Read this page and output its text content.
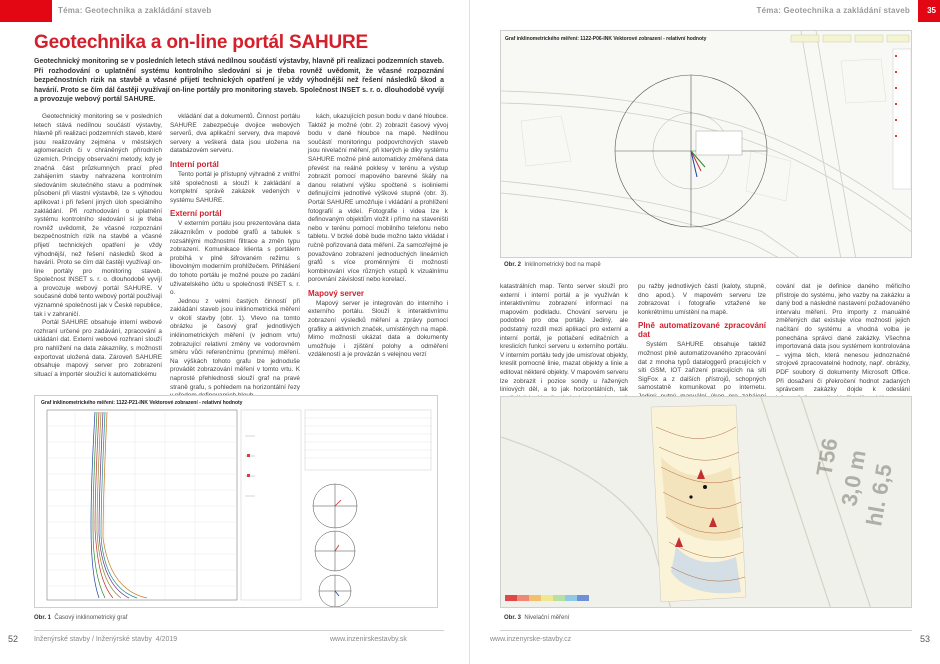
Téma: Geotechnika a zakládání staveb
Geotechnika a on-line portál SAHURE
Geotechnický monitoring se v posledních letech stává nedílnou součástí výstavby, hlavně při realizaci podzemních staveb. Při rozhodování o uplatnění systému kontrolního sledování si je třeba rovněž uvědomit, že včasné rozpoznání bezpečnostních rizik na stavbě a včasné přijetí technických opatření je vždy výhodnější než řešení následků škod a havárií. Proto se čím dál častěji využívají on-line portály pro monitoring staveb. Společnost INSET s. r. o. dlouhodobě vyvíjí a provozuje webový portál SAHURE.

Geotechnický monitoring se v posledních letech stává nedílnou součástí výstavby, hlavně při realizaci podzemních staveb, které jsou realizovány zejména v městských aglomeracích či v chráněných přírodních územích. Principy observační metody, kdy je značná část průzkumných prací před zahájením stavby nahrazena kontrolním sledováním skutečného stavu a podmínek působení při vlastní výstavbě, lze s výhodou aplikovat i při řešení jiných úloh speciálního zakládání. Při rozhodování o uplatnění systému kontrolního sledování si je třeba rovněž uvědomit, že včasné rozpoznání bezpečnostních rizik na stavbě a včasné přijetí technických opatření je vždy výhodnější, než řešení následků škod a havárií. Proto se čím dál častěji využívají on-line portály pro monitoring staveb. Společnost INSET s. r. o. dlouhodobě vyvíjí a provozuje webový portál SAHURE. V současné době tento webový portál používají významné společnosti jak v České republice, tak i v zahraničí.

Portál SAHURE obsahuje interní webové rozhraní určené pro zadávání, zpracování a ukládání dat. Externí webové rozhraní slouží pro nahlížení na data zákazníky, s možností exportovat uložená data. Zároveň SAHURE obsahuje mapový server pro zobrazení situací a importér sloužící k automatickému

vkládání dat a dokumentů. Činnost portálu SAHURE zabezpečuje dvojice webových serverů, dva aplikační servery, dva mapové servery a veškerá data jsou uložena na databázovém serveru.

Interní portál

Tento portál je přístupný výhradně z vnitřní sítě společnosti a slouží k zakládání a kompletní správě zakázek vedených v systému SAHURE.

Externí portál

V externím portálu jsou prezentována data zákazníkům v podobě grafů a tabulek s rozsáhlými možnostmi filtrace a změn typu zobrazení. Komunikace klienta s portálem probíhá v plně šifrovaném režimu s libovolným moderním prohlížečem. Přihlášení do tohoto portálu je možné pouze po zadání uživatelského účtu u společnosti INSET s. r. o.

Jednou z velmi častých činností při zakládání staveb jsou inklinometrická měření v okolí stavby (obr. 1). Vlevo na tomto obrázku je časový graf jednotlivých inklinometrických měření (v jednom vrtu) zobrazující relativní změny ve vodorovném směru vůči referenčnímu (prvnímu) měření. Na výškách tohoto grafu lze jednoduše provádět zobrazování měření v tomto vrtu. K naprosté přehlednosti slouží graf na pravé straně grafu, s pohledem na horizontální řezy

kách, ukazujících posun bodu v dané hloubce. Taktéž je možné (obr. 2) zobrazit časový vývoj bodu v dané hloubce na mapě. Nedílnou součástí monitoringu podpovrchových staveb jsou nivelační měření, při kterých je díky systému SAHURE možné plně automaticky změřená data převést na reálné poklesy v terénu a výstup zobrazit pomocí mapového barevné škály na danou relativní výšku spočtené s isoliniemi definujícími jednotlivé výškové stupně (obr. 3). Portál SAHURE umožňuje i vkládání a prohlížení fotografií a videí. Fotografie i videa lze k definovaným objektům vložit i přímo na staveništi nebo v terénu pomocí mobilního telefonu nebo tabletu. V brzké době bude možno takto vkládat i ručně pořizovaná data měření. Za samozřejmé je považováno zobrazení jednoduchých lineárních grafů s více proměnnými či možností kombinování více různých vstupů k vizuálnímu porovnání závislostí nebo korelací.

Mapový server

Mapový server je integrován do interního i externího portálu. Slouží k interaktivnímu zobrazení výsledků měření a zprávy pomocí grafiky a aktivních značek, umístěných na mapě. Mimo možnosti ukázat data a dokumenty umožňuje i zjištění polohy a odměření vzdáleností a je provázán s velejnou verzí

Graf inklinometrického měření: 1122-P21-INK Vektorové zobrazení - relativní hodnoty
Obr. 1 Časový inklinometrický graf
52 Inženýrské stavby / Inženýrské stavby 4/2019	www.inzenirskestavby.sk
35
Téma: Geotechnika a zakládání staveb
Graf inklinometrického měření: 1122-P06-INK Vektorové zobrazení - relativní hodnoty
Obr. 2 Inklinometrický bod na mapě

katastrálních map. Tento server slouží pro externí i interní portál a je využíván k interaktivnímu zobrazení informací na mapovém podkladu. Chování serveru je podobné pro oba portály. Jediný, ale podstatný rozdíl mezi aplikací pro externí a interní portál, je potlačení editačních a kreslicích funkcí serveru u externího portálu. V interním portálu tedy jde umisťovat objekty, kreslit pomocné linie, mazat objekty a linie a editovat některé objekty. V mapovém serveru lze zobrazit i pozice sondy u řažených liniových děl, a to jak horizontálních, tak

pu ražby jednotlivých částí (kaloty, stupně, dno apod.). V mapovém serveru lze zobrazovat i fotografie vztažené ke konkrétnímu umístění na mapě.

Plně automatizované zpracování dat

Systém SAHURE obsahuje taktéž možnost plně automatizovaného zpracování dat z mnoha typů dataloggerů pracujících v síti GSM, IOT zařízení pracujících na síti SigFox a z dalších přístrojů, schopných samostatně komunikovat po internetu.

cování dat je definice daného měřicího přístroje do systému, jeho vazby na zakázku a daný bod a následné nastavení požadovaného intervalu měření. Pro importy z manuálně změřených dat existuje více možností jejich načítání do systému a vhodná volba je ponechána správci dané zakázky. Všechna importovaná data jsou systémem kontrolována – vyjma těch, která nenesou jednoznačné strojově zpracovatelné hodnoty, např. obrázky, PDF soubory či dokumenty Microsoft Office. Při dosažení či překročení hodnot zadaných správcem zakázky dojde k odeslání

T56
3,0 m
hl. 6,5
Obr. 3 Nivelační měření
www.inzenyrske-stavby.cz	53
